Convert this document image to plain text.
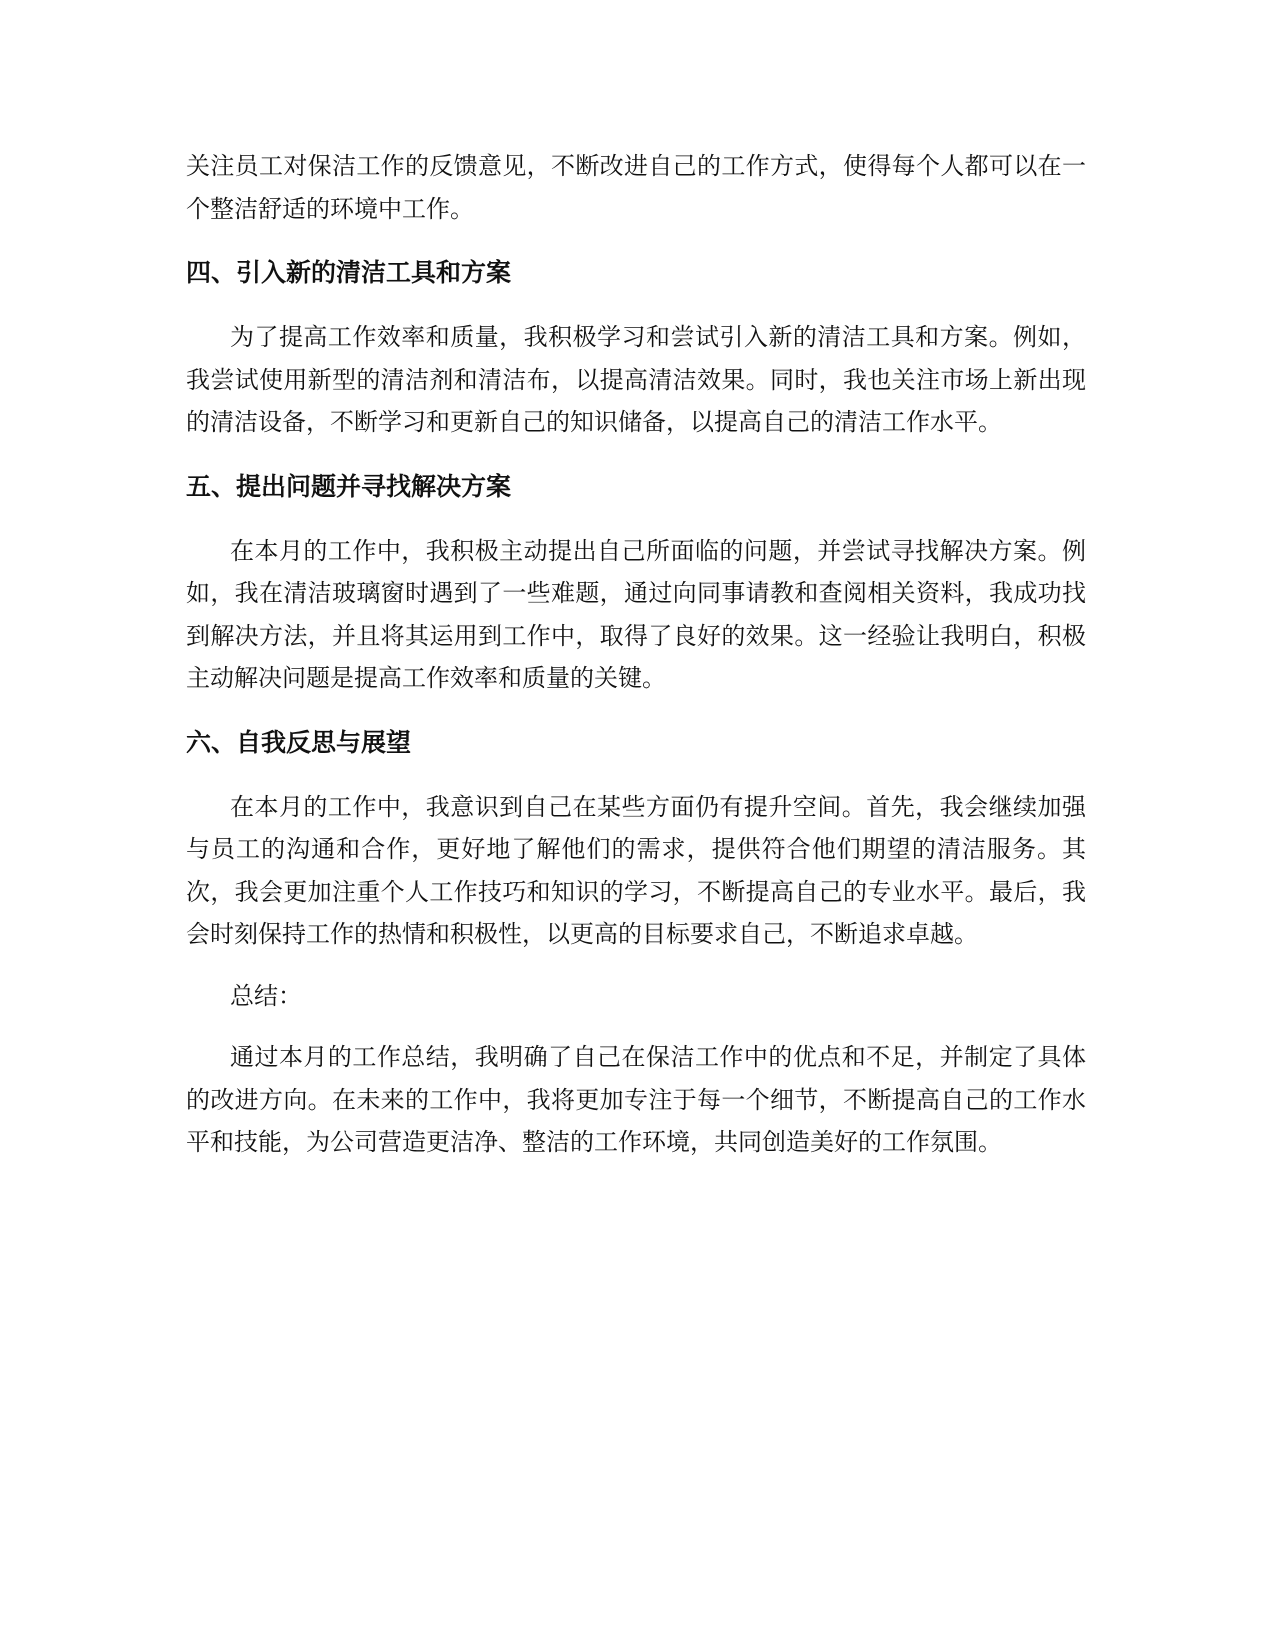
关注员工对保洁工作的反馈意见，不断改进自己的工作方式，使得每个人都可以在一个整洁舒适的环境中工作。

四、引入新的清洁工具和方案

为了提高工作效率和质量，我积极学习和尝试引入新的清洁工具和方案。例如，我尝试使用新型的清洁剂和清洁布，以提高清洁效果。同时，我也关注市场上新出现的清洁设备，不断学习和更新自己的知识储备，以提高自己的清洁工作水平。

五、提出问题并寻找解决方案

在本月的工作中，我积极主动提出自己所面临的问题，并尝试寻找解决方案。例如，我在清洁玻璃窗时遇到了一些难题，通过向同事请教和查阅相关资料，我成功找到解决方法，并且将其运用到工作中，取得了良好的效果。这一经验让我明白，积极主动解决问题是提高工作效率和质量的关键。

六、自我反思与展望

在本月的工作中，我意识到自己在某些方面仍有提升空间。首先，我会继续加强与员工的沟通和合作，更好地了解他们的需求，提供符合他们期望的清洁服务。其次，我会更加注重个人工作技巧和知识的学习，不断提高自己的专业水平。最后，我会时刻保持工作的热情和积极性，以更高的目标要求自己，不断追求卓越。

总结：

通过本月的工作总结，我明确了自己在保洁工作中的优点和不足，并制定了具体的改进方向。在未来的工作中，我将更加专注于每一个细节，不断提高自己的工作水平和技能，为公司营造更洁净、整洁的工作环境，共同创造美好的工作氛围。
